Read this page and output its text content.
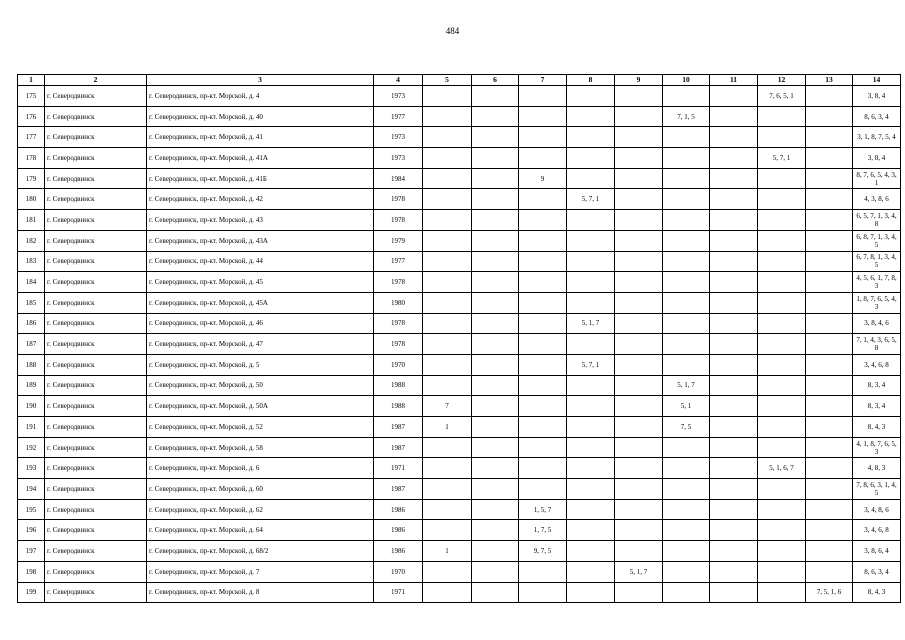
484
1	2	3	4	5	6	7	8	9	10	11	12	13	14
175	г. Северодвинск	г. Северодвинск, пр-кт. Морской, д. 4	1973								7, 6, 5, 1		3, 8, 4
176	г. Северодвинск	г. Северодвинск, пр-кт. Морской, д. 40	1977						7, 1, 5				8, 6, 3, 4
177	г. Северодвинск	г. Северодвинск, пр-кт. Морской, д. 41	1973										3, 1, 8, 7, 5, 4
178	г. Северодвинск	г. Северодвинск, пр-кт. Морской, д. 41А	1973								5, 7, 1		3, 8, 4
179	г. Северодвинск	г. Северодвинск, пр-кт. Морской, д. 41Б	1984			9							8, 7, 6, 5, 4, 3, 1
180	г. Северодвинск	г. Северодвинск, пр-кт. Морской, д. 42	1978				5, 7, 1						4, 3, 8, 6
181	г. Северодвинск	г. Северодвинск, пр-кт. Морской, д. 43	1978										6, 5, 7, 1, 3, 4, 8
182	г. Северодвинск	г. Северодвинск, пр-кт. Морской, д. 43А	1979										6, 8, 7, 1, 3, 4, 5
183	г. Северодвинск	г. Северодвинск, пр-кт. Морской, д. 44	1977										6, 7, 8, 1, 3, 4, 5
184	г. Северодвинск	г. Северодвинск, пр-кт. Морской, д. 45	1978										4, 5, 6, 1, 7, 8, 3
185	г. Северодвинск	г. Северодвинск, пр-кт. Морской, д. 45А	1980										1, 8, 7, 6, 5, 4, 3
186	г. Северодвинск	г. Северодвинск, пр-кт. Морской, д. 46	1978				5, 1, 7						3, 8, 4, 6
187	г. Северодвинск	г. Северодвинск, пр-кт. Морской, д. 47	1978										7, 1, 4, 3, 6, 5, 8
188	г. Северодвинск	г. Северодвинск, пр-кт. Морской, д. 5	1970				5, 7, 1						3, 4, 6, 8
189	г. Северодвинск	г. Северодвинск, пр-кт. Морской, д. 50	1988						5, 1, 7				8, 3, 4
190	г. Северодвинск	г. Северодвинск, пр-кт. Морской, д. 50А	1988	7					5, 1				8, 3, 4
191	г. Северодвинск	г. Северодвинск, пр-кт. Морской, д. 52	1987	1					7, 5				8, 4, 3
192	г. Северодвинск	г. Северодвинск, пр-кт. Морской, д. 58	1987										4, 1, 8, 7, 6, 5, 3
193	г. Северодвинск	г. Северодвинск, пр-кт. Морской, д. 6	1971								5, 1, 6, 7		4, 8, 3
194	г. Северодвинск	г. Северодвинск, пр-кт. Морской, д. 60	1987										7, 8, 6, 3, 1, 4, 5
195	г. Северодвинск	г. Северодвинск, пр-кт. Морской, д. 62	1986			1, 5, 7							3, 4, 8, 6
196	г. Северодвинск	г. Северодвинск, пр-кт. Морской, д. 64	1986			1, 7, 5							3, 4, 6, 8
197	г. Северодвинск	г. Северодвинск, пр-кт. Морской, д. 68/2	1986	1		9, 7, 5							3, 8, 6, 4
198	г. Северодвинск	г. Северодвинск, пр-кт. Морской, д. 7	1970					5, 1, 7					8, 6, 3, 4
199	г. Северодвинск	г. Северодвинск, пр-кт. Морской, д. 8	1971									7, 5, 1, 6	8, 4, 3
